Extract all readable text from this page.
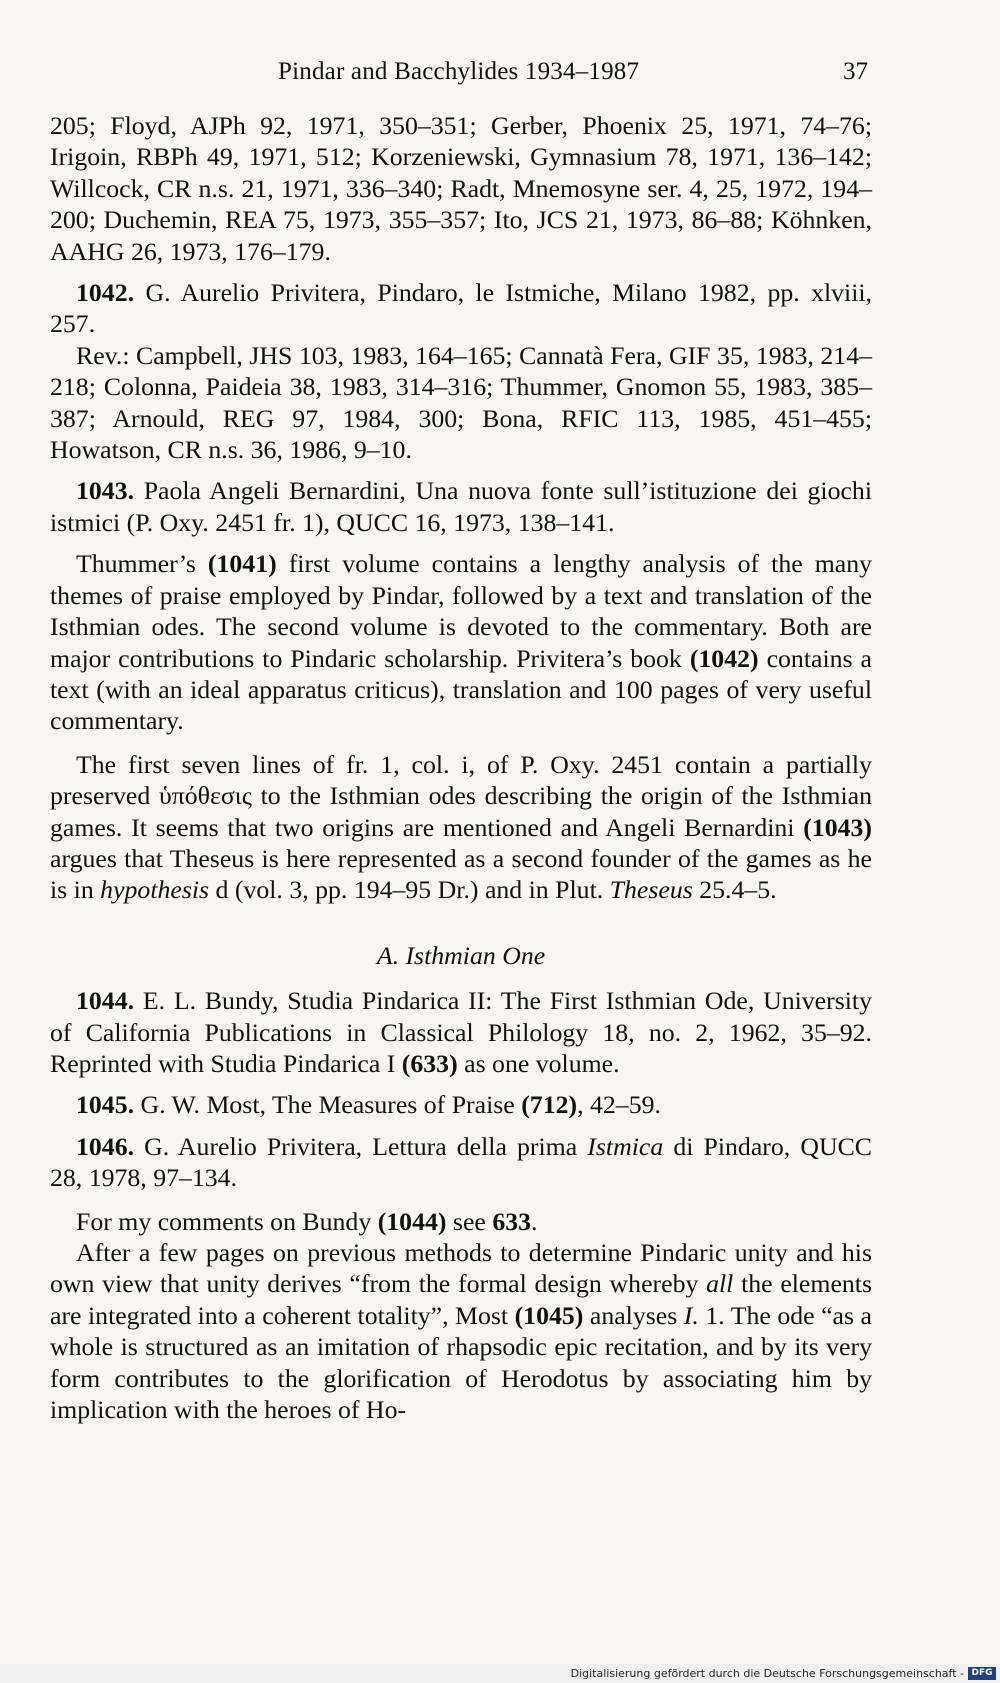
Pindar and Bacchylides 1934–1987	37

205; Floyd, AJPh 92, 1971, 350–351; Gerber, Phoenix 25, 1971, 74–76; Irigoin, RBPh 49, 1971, 512; Korzeniewski, Gymnasium 78, 1971, 136–142; Willcock, CR n.s. 21, 1971, 336–340; Radt, Mnemosyne ser. 4, 25, 1972, 194–200; Duchemin, REA 75, 1973, 355–357; Ito, JCS 21, 1973, 86–88; Köhnken, AAHG 26, 1973, 176–179.

1042. G. Aurelio Privitera, Pindaro, le Istmiche, Milano 1982, pp. xlviii, 257.

Rev.: Campbell, JHS 103, 1983, 164–165; Cannatà Fera, GIF 35, 1983, 214–218; Colonna, Paideia 38, 1983, 314–316; Thummer, Gnomon 55, 1983, 385–387; Arnould, REG 97, 1984, 300; Bona, RFIC 113, 1985, 451–455; Howatson, CR n.s. 36, 1986, 9–10.

1043. Paola Angeli Bernardini, Una nuova fonte sull’istituzione dei giochi istmici (P. Oxy. 2451 fr. 1), QUCC 16, 1973, 138–141.

Thummer’s (1041) first volume contains a lengthy analysis of the many themes of praise employed by Pindar, followed by a text and translation of the Isthmian odes. The second volume is devoted to the commentary. Both are major contributions to Pindaric scholarship. Privitera’s book (1042) contains a text (with an ideal apparatus criticus), translation and 100 pages of very useful commentary.

The first seven lines of fr. 1, col. i, of P. Oxy. 2451 contain a partially preserved ὑπόθεσις to the Isthmian odes describing the origin of the Isthmian games. It seems that two origins are mentioned and Angeli Bernardini (1043) argues that Theseus is here represented as a second founder of the games as he is in hypothesis d (vol. 3, pp. 194–95 Dr.) and in Plut. Theseus 25.4–5.

A. Isthmian One

1044. E. L. Bundy, Studia Pindarica II: The First Isthmian Ode, University of California Publications in Classical Philology 18, no. 2, 1962, 35–92. Reprinted with Studia Pindarica I (633) as one volume.

1045. G. W. Most, The Measures of Praise (712), 42–59.

1046. G. Aurelio Privitera, Lettura della prima Istmica di Pindaro, QUCC 28, 1978, 97–134.

For my comments on Bundy (1044) see 633.

After a few pages on previous methods to determine Pindaric unity and his own view that unity derives “from the formal design whereby all the elements are integrated into a coherent totality”, Most (1045) analyses I. 1. The ode “as a whole is structured as an imitation of rhapsodic epic recitation, and by its very form contributes to the glorification of Herodotus by associating him by implication with the heroes of Ho-

Digitalisierung gefördert durch die Deutsche Forschungsgemeinschaft - DFG
